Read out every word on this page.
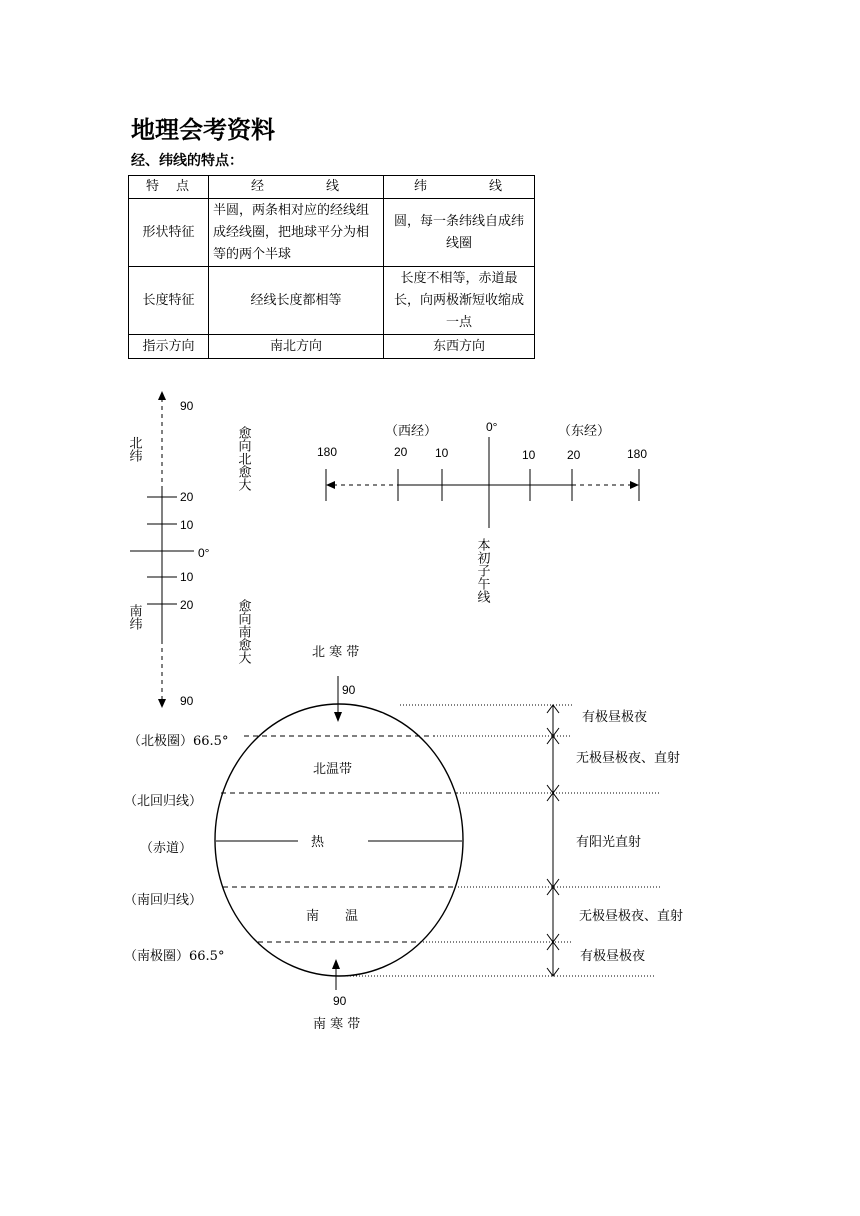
地理会考资料
经、纬线的特点：
特　点	经　　　　线	纬　　　　线
形状特征	半圆，两条相对应的经线组成经线圈，把地球平分为相等的两个半球	圆，每一条纬线自成纬线圈
长度特征	经线长度都相等	长度不相等，赤道最长，向两极渐短收缩成一点
指示方向	南北方向	东西方向
90
20
10
0°
10
20
90
北纬
南纬
愈向北愈大
愈向南愈大
（西经）	0°	（东经）
180	20 10	10	20	180
本初子午线
北 寒 带
90
北温带
热
南　　温
90
南 寒 带
（北极圈）66.5°
（北回归线）
（赤道）
（南回归线）
（南极圈）66.5°
有极昼极夜
无极昼极夜、直射
有阳光直射
无极昼极夜、直射
有极昼极夜
